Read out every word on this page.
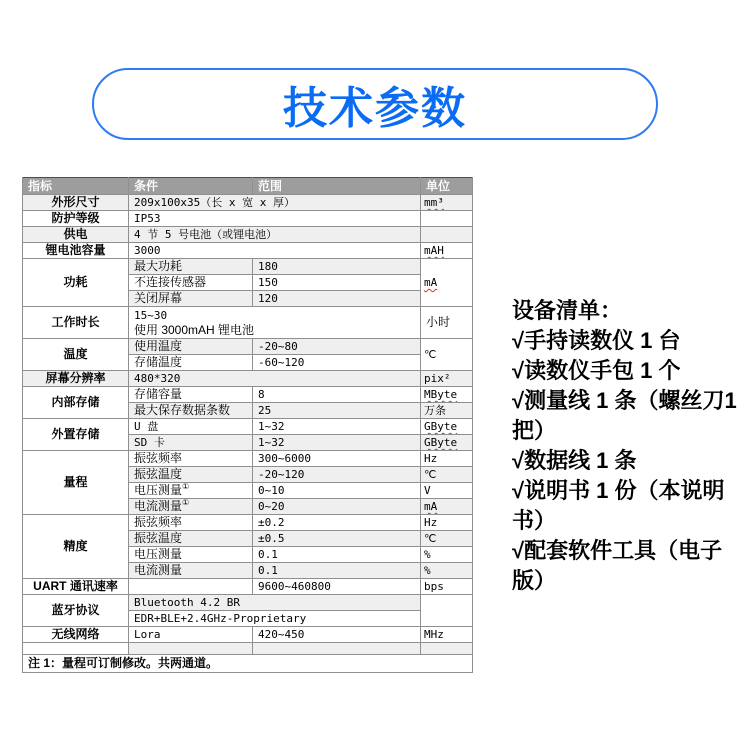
技术参数
指标	条件	范围	单位
外形尺寸	209x100x35（长 x 宽 x 厚）		mm³
防护等级	IP53		
供电	4 节 5 号电池（或锂电池）		
锂电池容量	3000		mAH
功耗	最大功耗	180	mA
	不连接传感器	150	
	关闭屏幕	120	
工作时长	15~30
使用 3000mAH 锂电池		小时
温度	使用温度	-20~80	℃
	存储温度	-60~120	
屏幕分辨率	480*320		pix²
内部存储	存储容量	8	MByte
	最大保存数据条数	25	万条
外置存储	U 盘	1~32	GByte
	SD 卡	1~32	GByte
量程	振弦频率	300~6000	Hz
	振弦温度	-20~120	℃
	电压测量①	0~10	V
	电流测量①	0~20	mA
精度	振弦频率	±0.2	Hz
	振弦温度	±0.5	℃
	电压测量	0.1	%
	电流测量	0.1	%
UART 通讯速率		9600~460800	bps
蓝牙协议	Bluetooth 4.2 BR		
	EDR+BLE+2.4GHz-Proprietary		
无线网络	Lora	420~450	MHz

注 1：量程可订制修改。共两通道。			
设备清单：
√手持读数仪 1 台
√读数仪手包 1 个
√测量线 1 条（螺丝刀1把）
√数据线 1 条
√说明书 1 份（本说明书）
√配套软件工具（电子版）
